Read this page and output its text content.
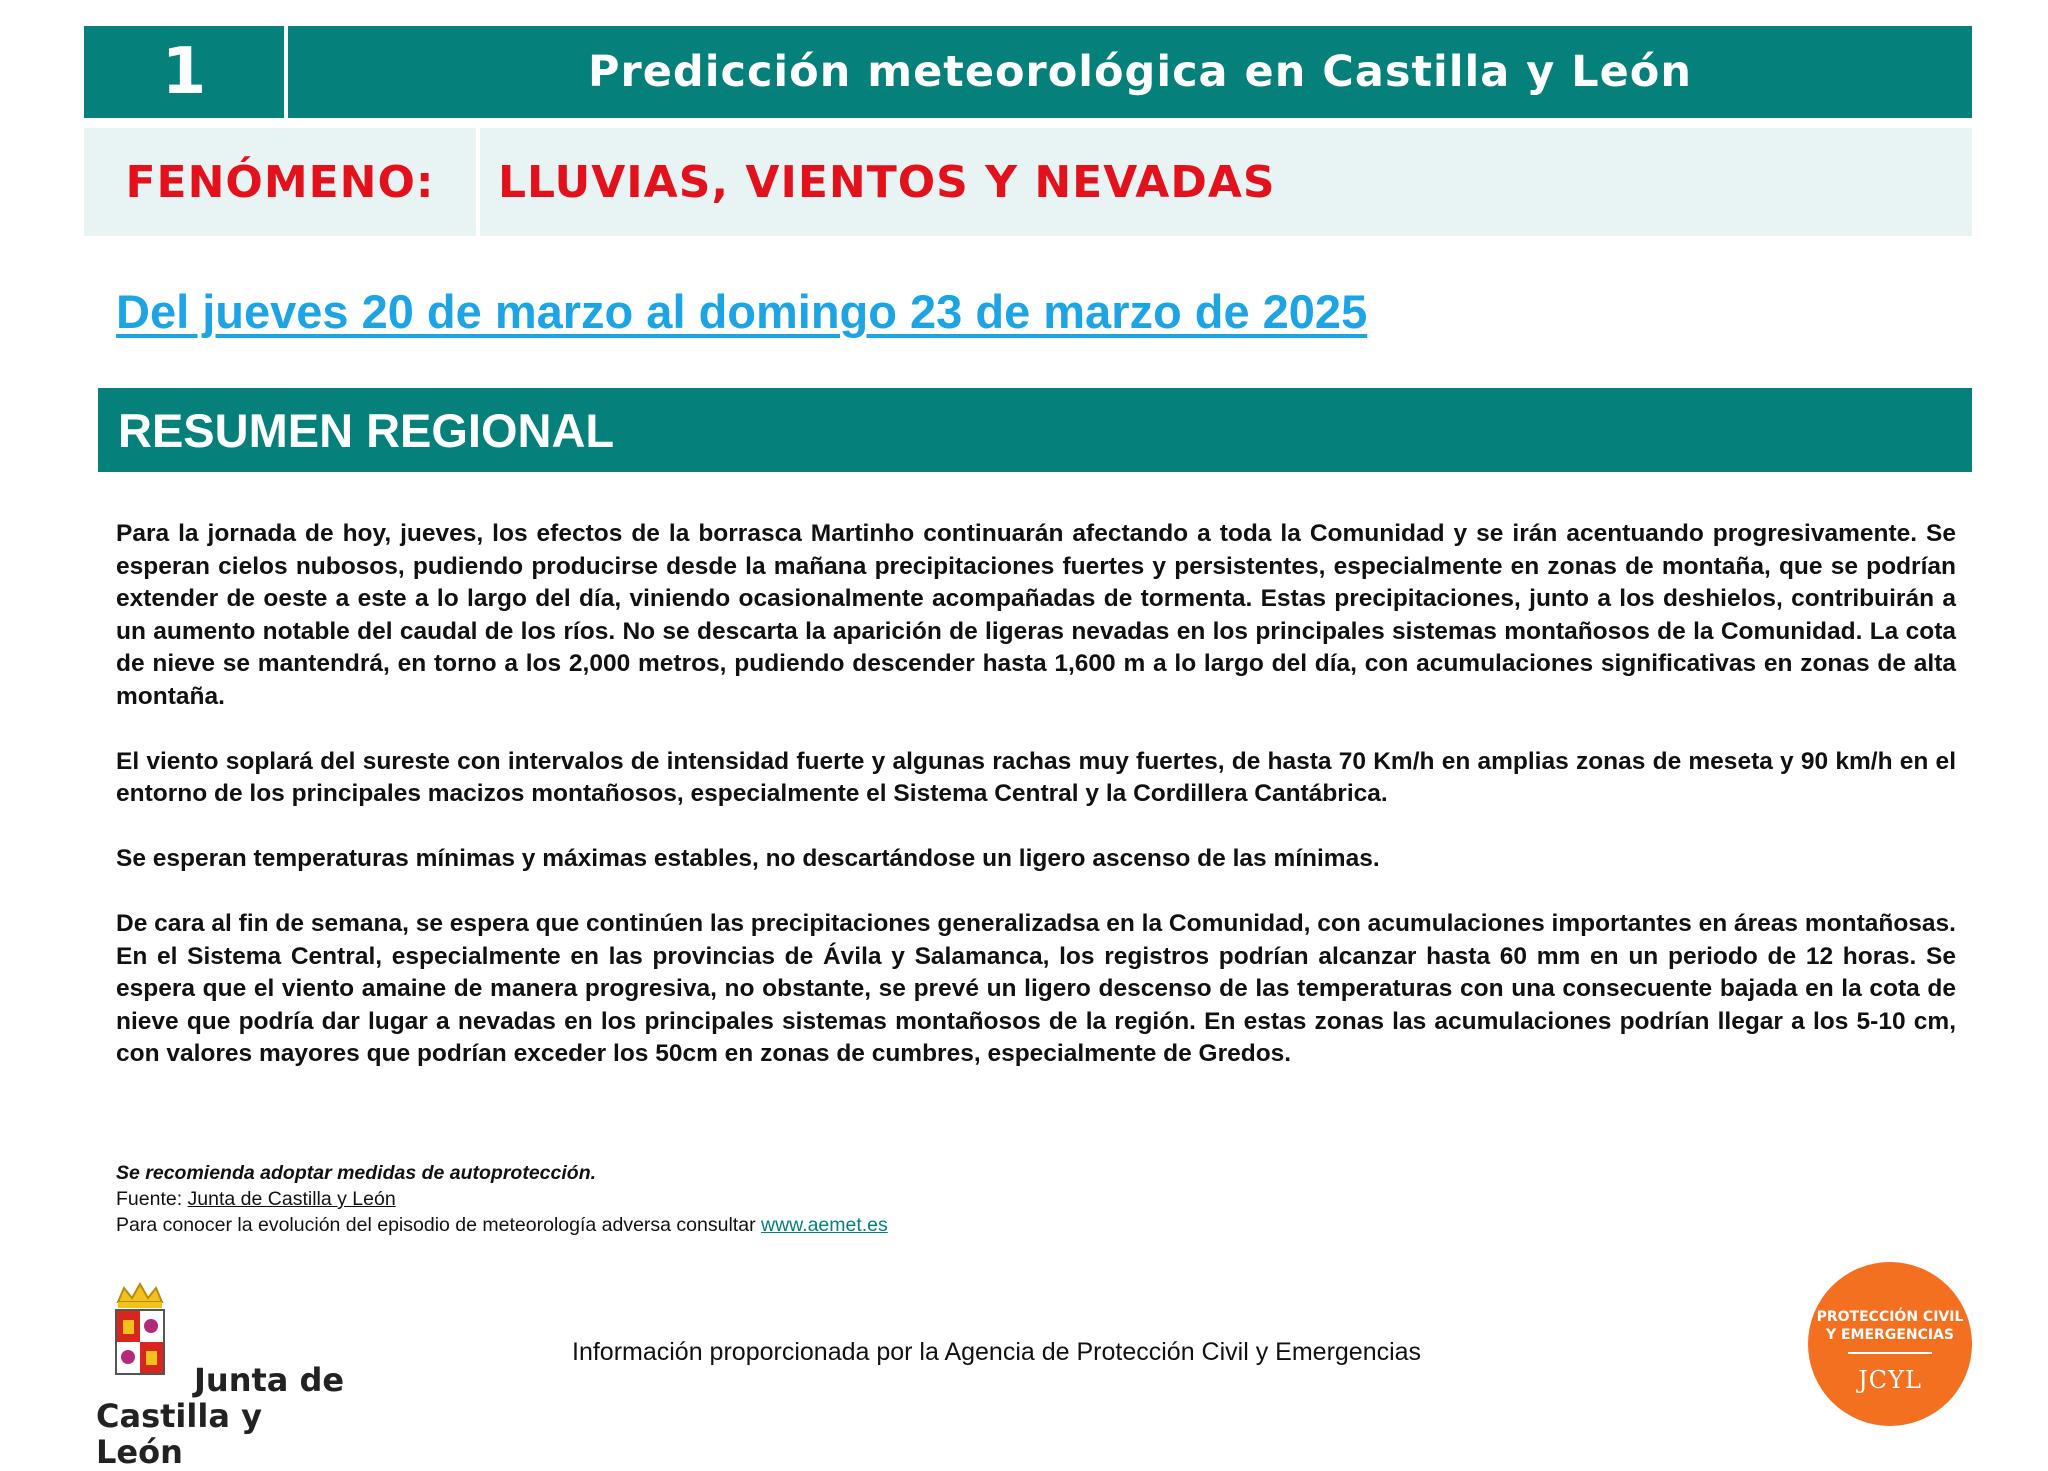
1	Predicción meteorológica en Castilla y León
FENÓMENO:	LLUVIAS, VIENTOS Y NEVADAS
Del jueves 20 de marzo al domingo 23 de marzo de 2025
RESUMEN REGIONAL

Para la jornada de hoy, jueves, los efectos de la borrasca Martinho continuarán afectando a toda la Comunidad y se irán acentuando progresivamente. Se esperan cielos nubosos, pudiendo producirse desde la mañana precipitaciones fuertes y persistentes, especialmente en zonas de montaña, que se podrían extender de oeste a este a lo largo del día, viniendo ocasionalmente acompañadas de tormenta. Estas precipitaciones, junto a los deshielos, contribuirán a un aumento notable del caudal de los ríos. No se descarta la aparición de ligeras nevadas en los principales sistemas montañosos de la Comunidad. La cota de nieve se mantendrá, en torno a los 2,000 metros, pudiendo descender hasta 1,600 m a lo largo del día, con acumulaciones significativas en zonas de alta montaña.

El viento soplará del sureste con intervalos de intensidad fuerte y algunas rachas muy fuertes, de hasta 70 Km/h en amplias zonas de meseta y 90 km/h en el entorno de los principales macizos montañosos, especialmente el Sistema Central y la Cordillera Cantábrica.

Se esperan temperaturas mínimas y máximas estables, no descartándose un ligero ascenso de las mínimas.

De cara al fin de semana, se espera que continúen las precipitaciones generalizadsa en la Comunidad, con acumulaciones importantes en áreas montañosas. En el Sistema Central, especialmente en las provincias de Ávila y Salamanca, los registros podrían alcanzar hasta 60 mm en un periodo de 12 horas. Se espera que el viento amaine de manera progresiva, no obstante, se prevé un ligero descenso de las temperaturas con una consecuente bajada en la cota de nieve que podría dar lugar a nevadas en los principales sistemas montañosos de la región. En estas zonas las acumulaciones podrían llegar a los 5-10 cm, con valores mayores que podrían exceder los 50cm en zonas de cumbres, especialmente de Gredos.

Se recomienda adoptar medidas de autoprotección.
Fuente: Junta de Castilla y León
Para conocer la evolución del episodio de meteorología adversa consultar www.aemet.es
Junta de
Castilla y León
Información proporcionada por la Agencia de Protección Civil y Emergencias
PROTECCIÓN CIVIL
Y EMERGENCIAS
JCYL
